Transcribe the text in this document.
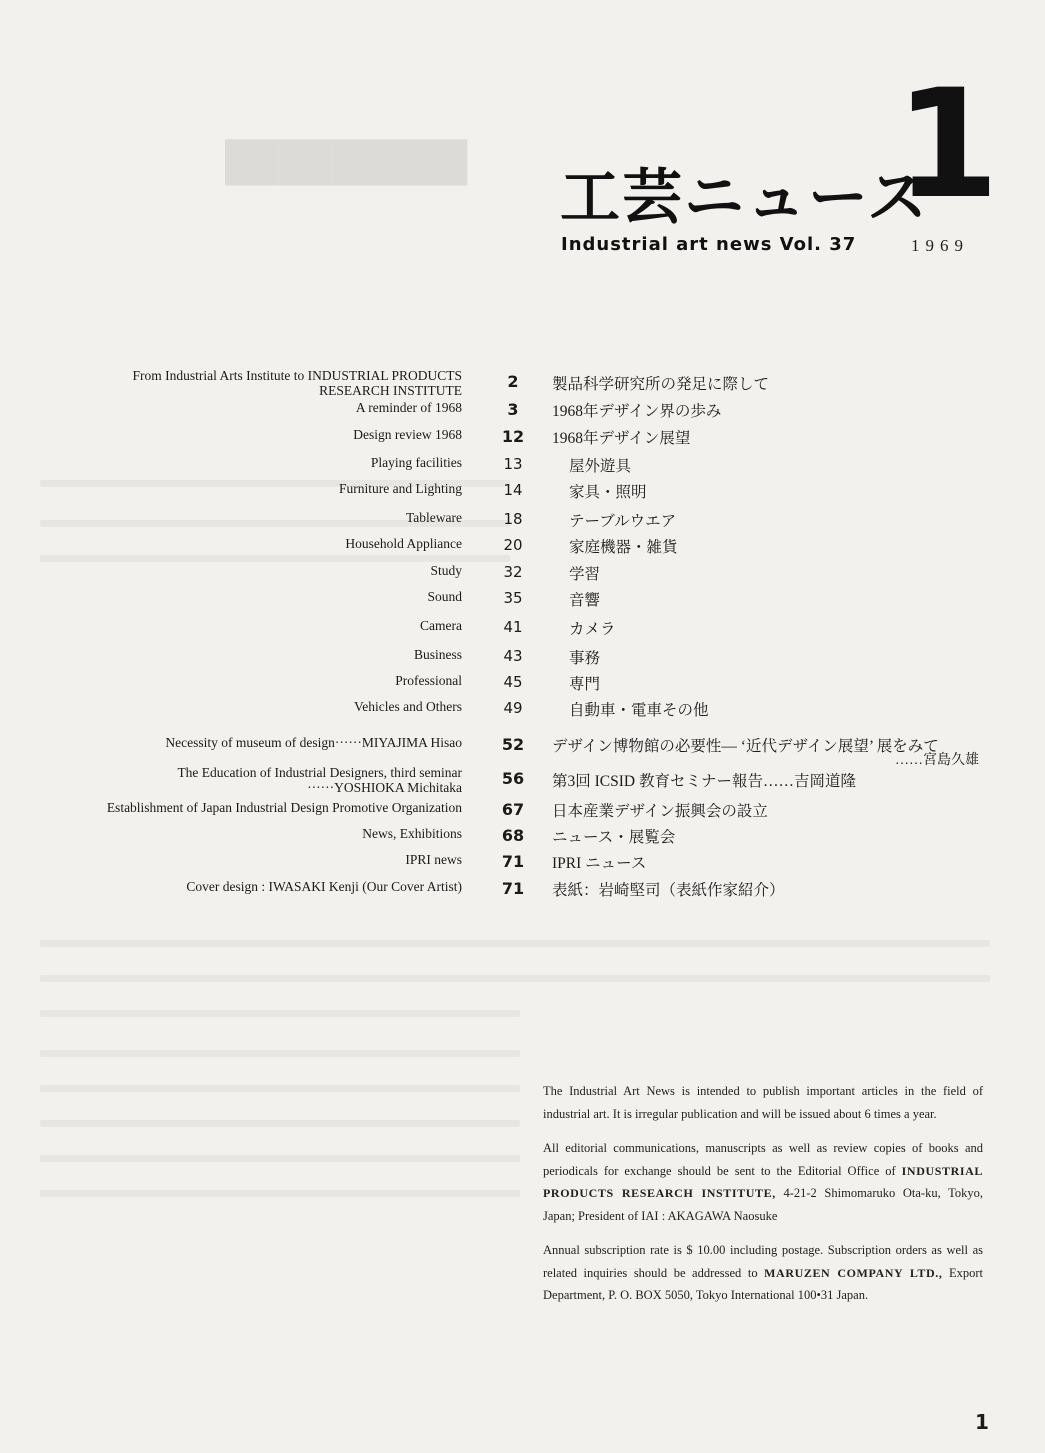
█████████
工芸ニュース
Industrial art news Vol. 37
1
1969
From Industrial Arts Institute to INDUSTRIAL PRODUCTS
RESEARCH INSTITUTE	2	製品科学研究所の発足に際して
A reminder of 1968	3	1968年デザイン界の歩み
Design review 1968	12	1968年デザイン展望
Playing facilities	13	屋外遊具
Furniture and Lighting	14	家具・照明
Tableware	18	テーブルウエア
Household Appliance	20	家庭機器・雑貨
Study	32	学習
Sound	35	音響
Camera	41	カメラ
Business	43	事務
Professional	45	専門
Vehicles and Others	49	自動車・電車その他
Necessity of museum of design······MIYAJIMA Hisao	52	デザイン博物館の必要性— ‘近代デザイン展望’ 展をみて
……宮島久雄
The Education of Industrial Designers, third seminar
······YOSHIOKA Michitaka	56	第3回 ICSID 教育セミナー報告……吉岡道隆
Establishment of Japan Industrial Design Promotive Organization	67	日本産業デザイン振興会の設立
News, Exhibitions	68	ニュース・展覧会
IPRI news	71	IPRI ニュース
Cover design : IWASAKI Kenji (Our Cover Artist)	71	表紙：岩崎堅司（表紙作家紹介）

The Industrial Art News is intended to publish important articles in the field of industrial art. It is irregular publication and will be issued about 6 times a year.

All editorial communications, manuscripts as well as review copies of books and periodicals for exchange should be sent to the Editorial Office of INDUSTRIAL PRODUCTS RESEARCH INSTITUTE, 4-21-2 Shimomaruko Ota-ku, Tokyo, Japan; President of IAI : AKAGAWA Naosuke

Annual subscription rate is $ 10.00 including postage. Subscription orders as well as related inquiries should be addressed to MARUZEN COMPANY LTD., Export Department, P. O. BOX 5050, Tokyo International 100•31 Japan.

1
